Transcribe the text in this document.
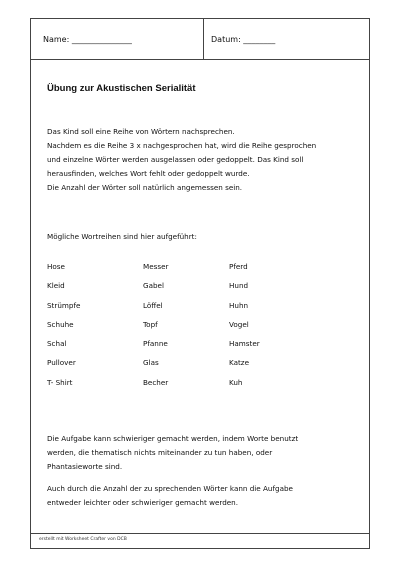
Name: _______________	Datum: ________
Übung zur Akustischen Serialität
Das Kind soll eine Reihe von Wörtern nachsprechen.
Nachdem es die Reihe 3 x nachgesprochen hat, wird die Reihe gesprochen
und einzelne Wörter werden ausgelassen oder gedoppelt. Das Kind soll
herausfinden, welches Wort fehlt oder gedoppelt wurde.
Die Anzahl der Wörter soll natürlich angemessen sein.
Mögliche Wortreihen sind hier aufgeführt:
Hose	Messer	Pferd
Kleid	Gabel	Hund
Strümpfe	Löffel	Huhn
Schuhe	Topf	Vogel
Schal	Pfanne	Hamster
Pullover	Glas	Katze
T- Shirt	Becher	Kuh
Die Aufgabe kann schwieriger gemacht werden, indem Worte benutzt
werden, die thematisch nichts miteinander zu tun haben, oder
Phantasieworte sind.
Auch durch die Anzahl der zu sprechenden Wörter kann die Aufgabe
entweder leichter oder schwieriger gemacht werden.
erstellt mit Worksheet Crafter von DCB
